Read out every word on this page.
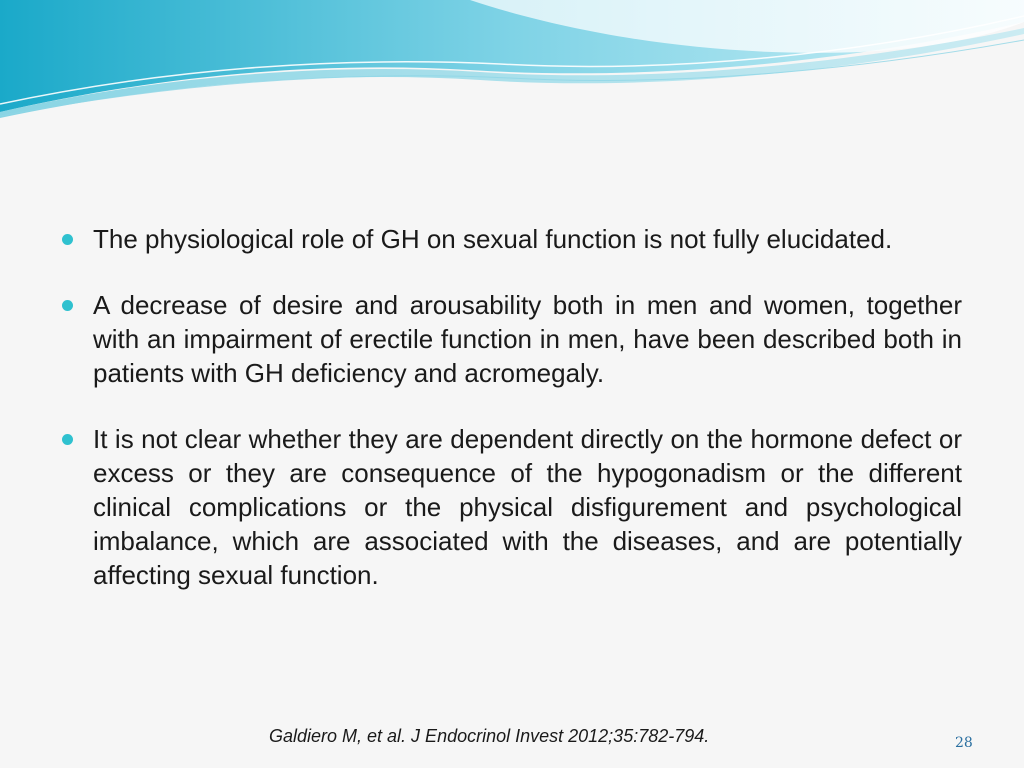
The physiological role of GH on sexual function is not fully elucidated.
A decrease of desire and arousability both in men and women, together with an impairment of erectile function in men, have been described both in patients with GH deficiency and acromegaly.
It is not clear whether they are dependent directly on the hormone defect or excess or they are consequence of the hypogonadism or the different clinical complications or the physical disfigurement and psychological imbalance, which are associated with the diseases, and are potentially affecting sexual function.
Galdiero M, et al. J Endocrinol Invest 2012;35:782-794.	28
